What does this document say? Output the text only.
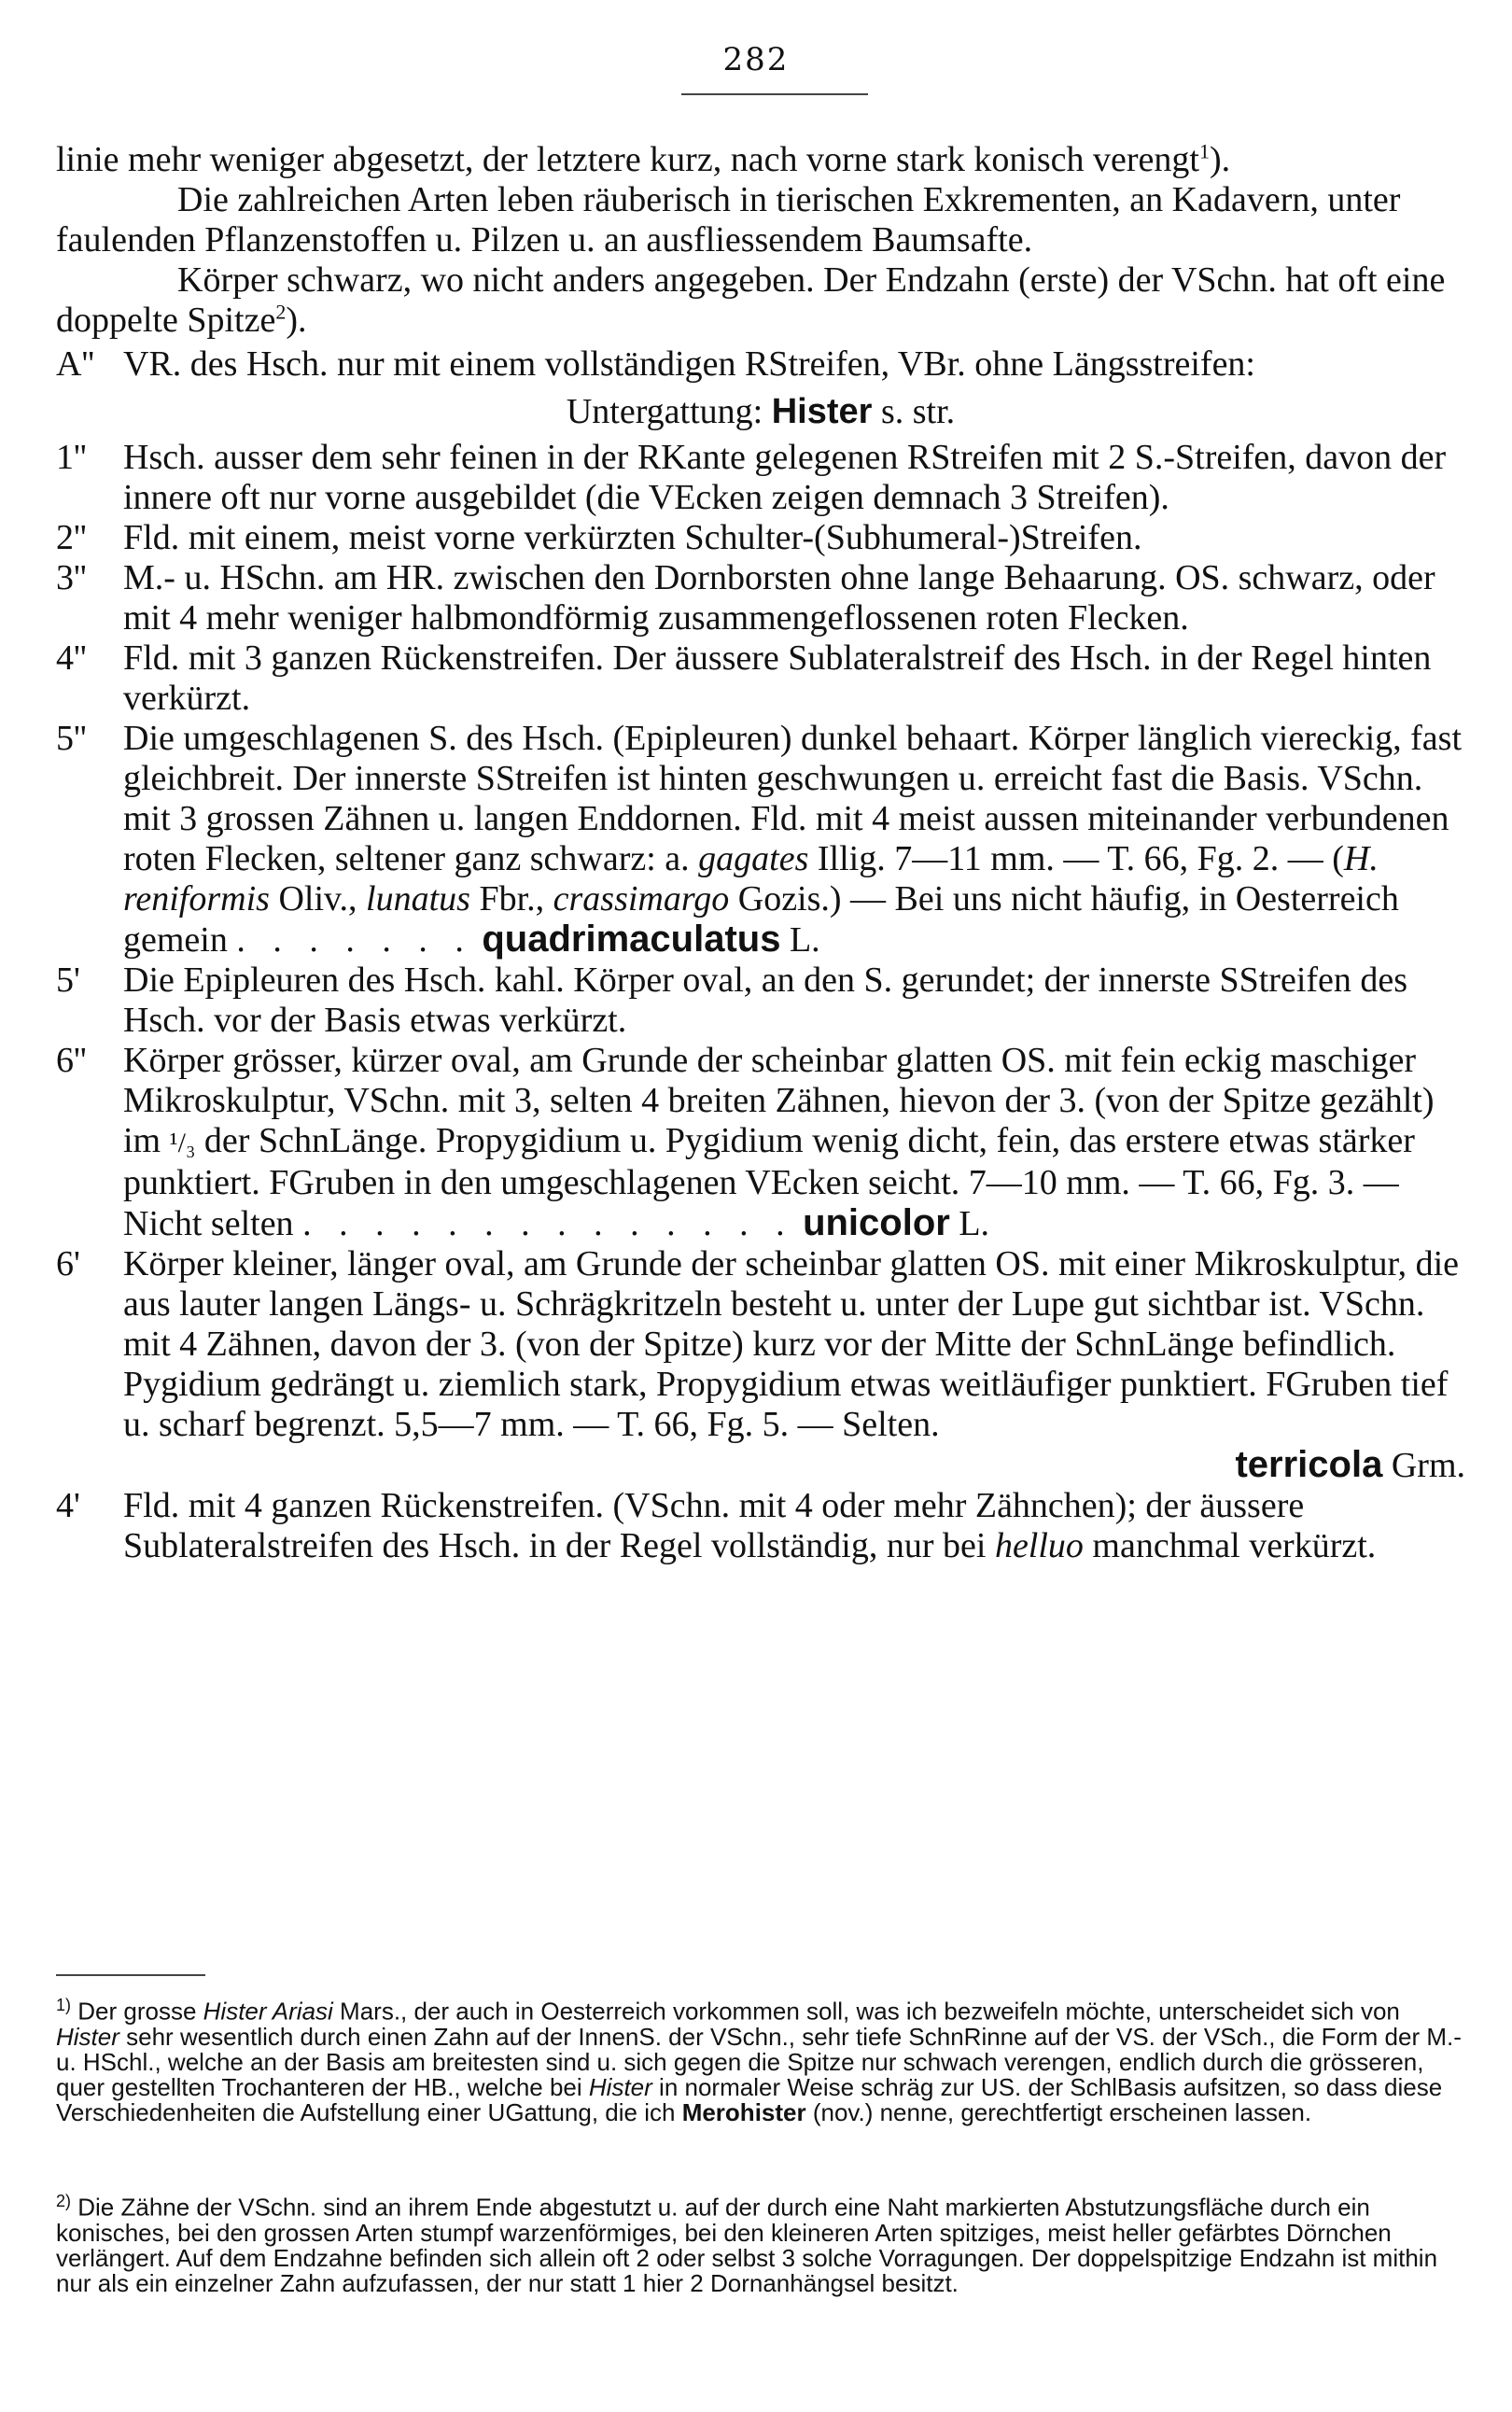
282

linie mehr weniger abgesetzt, der letztere kurz, nach vorne stark konisch verengt$^1$).

Die zahlreichen Arten leben räuberisch in tierischen Exkrementen, an Kadavern, unter faulenden Pflanzenstoffen u. Pilzen u. an ausfliessendem Baumsafte.

Körper schwarz, wo nicht anders angegeben. Der Endzahn (erste) der VSchn. hat oft eine doppelte Spitze$^2$).

A'' VR. des Hsch. nur mit einem vollständigen RStreifen, VBr. ohne Längsstreifen:

Untergattung: Hister s. str.

1''	Hsch. ausser dem sehr feinen in der RKante gelegenen RStreifen mit 2 S.-Streifen, davon der innere oft nur vorne ausgebildet (die VEcken zeigen demnach 3 Streifen).
2''	Fld. mit einem, meist vorne verkürzten Schulter-(Subhumeral-)Streifen.
3''	M.- u. HSchn. am HR. zwischen den Dornborsten ohne lange Behaarung. OS. schwarz, oder mit 4 mehr weniger halbmondförmig zusammengeflossenen roten Flecken.
4''	Fld. mit 3 ganzen Rückenstreifen. Der äussere Sublateralstreif des Hsch. in der Regel hinten verkürzt.
5''	Die umgeschlagenen S. des Hsch. (Epipleuren) dunkel behaart. Körper länglich viereckig, fast gleichbreit. Der innerste SStreifen ist hinten geschwungen u. erreicht fast die Basis. VSchn. mit 3 grossen Zähnen u. langen Enddornen. Fld. mit 4 meist aussen miteinander verbundenen roten Flecken, seltener ganz schwarz: a. gagates Illig. 7—11 mm. — T. 66, Fg. 2. — (H. reniformis Oliv., lunatus Fbr., crassimargo Gozis.) — Bei uns nicht häufig, in Oesterreich gemein . . . . . . . quadrimaculatus L.
5'	Die Epipleuren des Hsch. kahl. Körper oval, an den S. gerundet; der innerste SStreifen des Hsch. vor der Basis etwas verkürzt.
6''	Körper grösser, kürzer oval, am Grunde der scheinbar glatten OS. mit fein eckig maschiger Mikroskulptur, VSchn. mit 3, selten 4 breiten Zähnen, hievon der 3. (von der Spitze gezählt) im ¹/₃ der SchnLänge. Propygidium u. Pygidium wenig dicht, fein, das erstere etwas stärker punktiert. FGruben in den umgeschlagenen VEcken seicht. 7—10 mm. — T. 66, Fg. 3. — Nicht selten . . . . . . . . . . . . . . unicolor L.
6'	Körper kleiner, länger oval, am Grunde der scheinbar glatten OS. mit einer Mikroskulptur, die aus lauter langen Längs- u. Schrägkritzeln besteht u. unter der Lupe gut sichtbar ist. VSchn. mit 4 Zähnen, davon der 3. (von der Spitze) kurz vor der Mitte der SchnLänge befindlich. Pygidium gedrängt u. ziemlich stark, Propygidium etwas weitläufiger punktiert. FGruben tief u. scharf begrenzt. 5,5—7 mm. — T. 66, Fg. 5. — Selten.
terricola Grm.
4'	Fld. mit 4 ganzen Rückenstreifen. (VSchn. mit 4 oder mehr Zähnchen); der äussere Sublateralstreifen des Hsch. in der Regel vollständig, nur bei helluo manchmal verkürzt.
$^{1)}$ Der grosse Hister Ariasi Mars., der auch in Oesterreich vorkommen soll, was ich bezweifeln möchte, unterscheidet sich von Hister sehr wesentlich durch einen Zahn auf der InnenS. der VSchn., sehr tiefe SchnRinne auf der VS. der VSch., die Form der M.- u. HSchl., welche an der Basis am breitesten sind u. sich gegen die Spitze nur schwach verengen, endlich durch die grösseren, quer gestellten Trochanteren der HB., welche bei Hister in normaler Weise schräg zur US. der SchlBasis aufsitzen, so dass diese Verschiedenheiten die Aufstellung einer UGattung, die ich Merohister (nov.) nenne, gerechtfertigt erscheinen lassen.
$^{2)}$ Die Zähne der VSchn. sind an ihrem Ende abgestutzt u. auf der durch eine Naht markierten Abstutzungsfläche durch ein konisches, bei den grossen Arten stumpf warzenförmiges, bei den kleineren Arten spitziges, meist heller gefärbtes Dörnchen verlängert. Auf dem Endzahne befinden sich allein oft 2 oder selbst 3 solche Vorragungen. Der doppelspitzige Endzahn ist mithin nur als ein einzelner Zahn aufzufassen, der nur statt 1 hier 2 Dornanhängsel besitzt.
